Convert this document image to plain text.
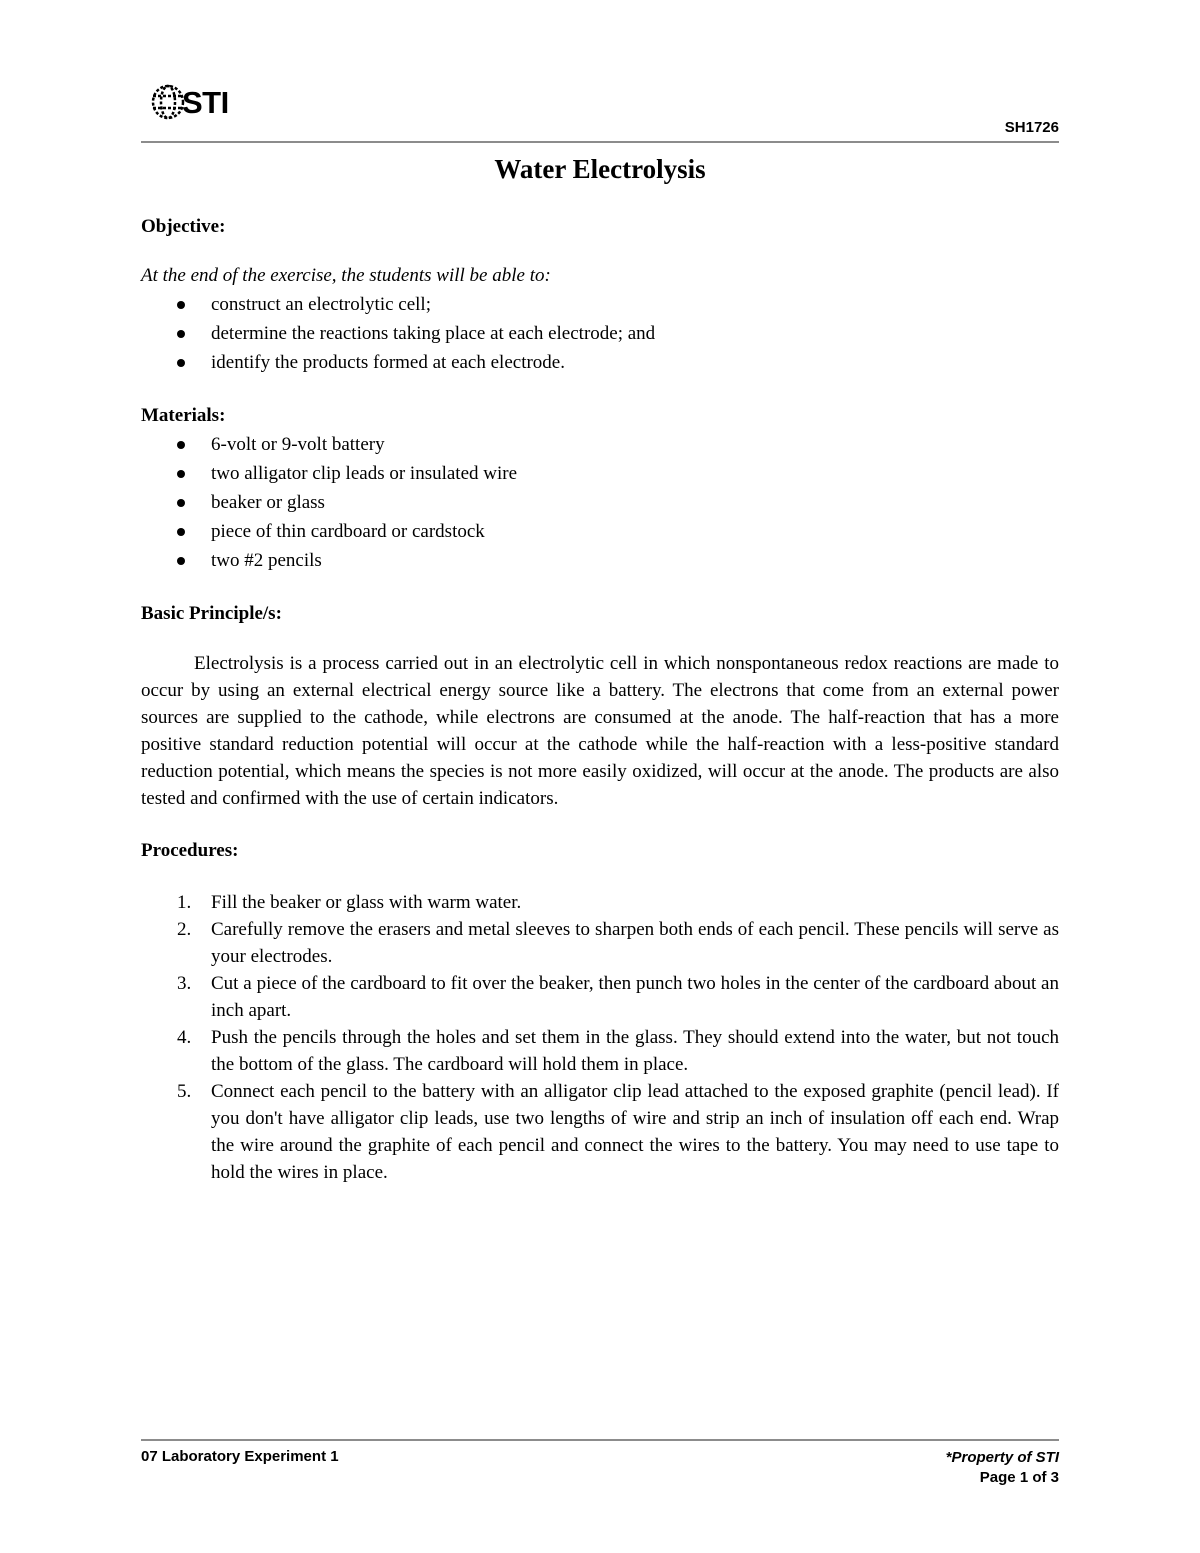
STI
SH1726
Water Electrolysis
Objective:

At the end of the exercise, the students will be able to:

construct an electrolytic cell;
determine the reactions taking place at each electrode; and
identify the products formed at each electrode.
Materials:
6-volt or 9-volt battery
two alligator clip leads or insulated wire
beaker or glass
piece of thin cardboard or cardstock
two #2 pencils
Basic Principle/s:

Electrolysis is a process carried out in an electrolytic cell in which nonspontaneous redox reactions are made to occur by using an external electrical energy source like a battery. The electrons that come from an external power sources are supplied to the cathode, while electrons are consumed at the anode. The half-reaction that has a more positive standard reduction potential will occur at the cathode while the half-reaction with a less-positive standard reduction potential, which means the species is not more easily oxidized, will occur at the anode. The products are also tested and confirmed with the use of certain indicators.

Procedures:
1. Fill the beaker or glass with warm water.
2. Carefully remove the erasers and metal sleeves to sharpen both ends of each pencil. These pencils will serve as your electrodes.
3. Cut a piece of the cardboard to fit over the beaker, then punch two holes in the center of the cardboard about an inch apart.
4. Push the pencils through the holes and set them in the glass. They should extend into the water, but not touch the bottom of the glass. The cardboard will hold them in place.
5. Connect each pencil to the battery with an alligator clip lead attached to the exposed graphite (pencil lead). If you don't have alligator clip leads, use two lengths of wire and strip an inch of insulation off each end. Wrap the wire around the graphite of each pencil and connect the wires to the battery. You may need to use tape to hold the wires in place.
07 Laboratory Experiment 1	*Property of STI
Page 1 of 3
